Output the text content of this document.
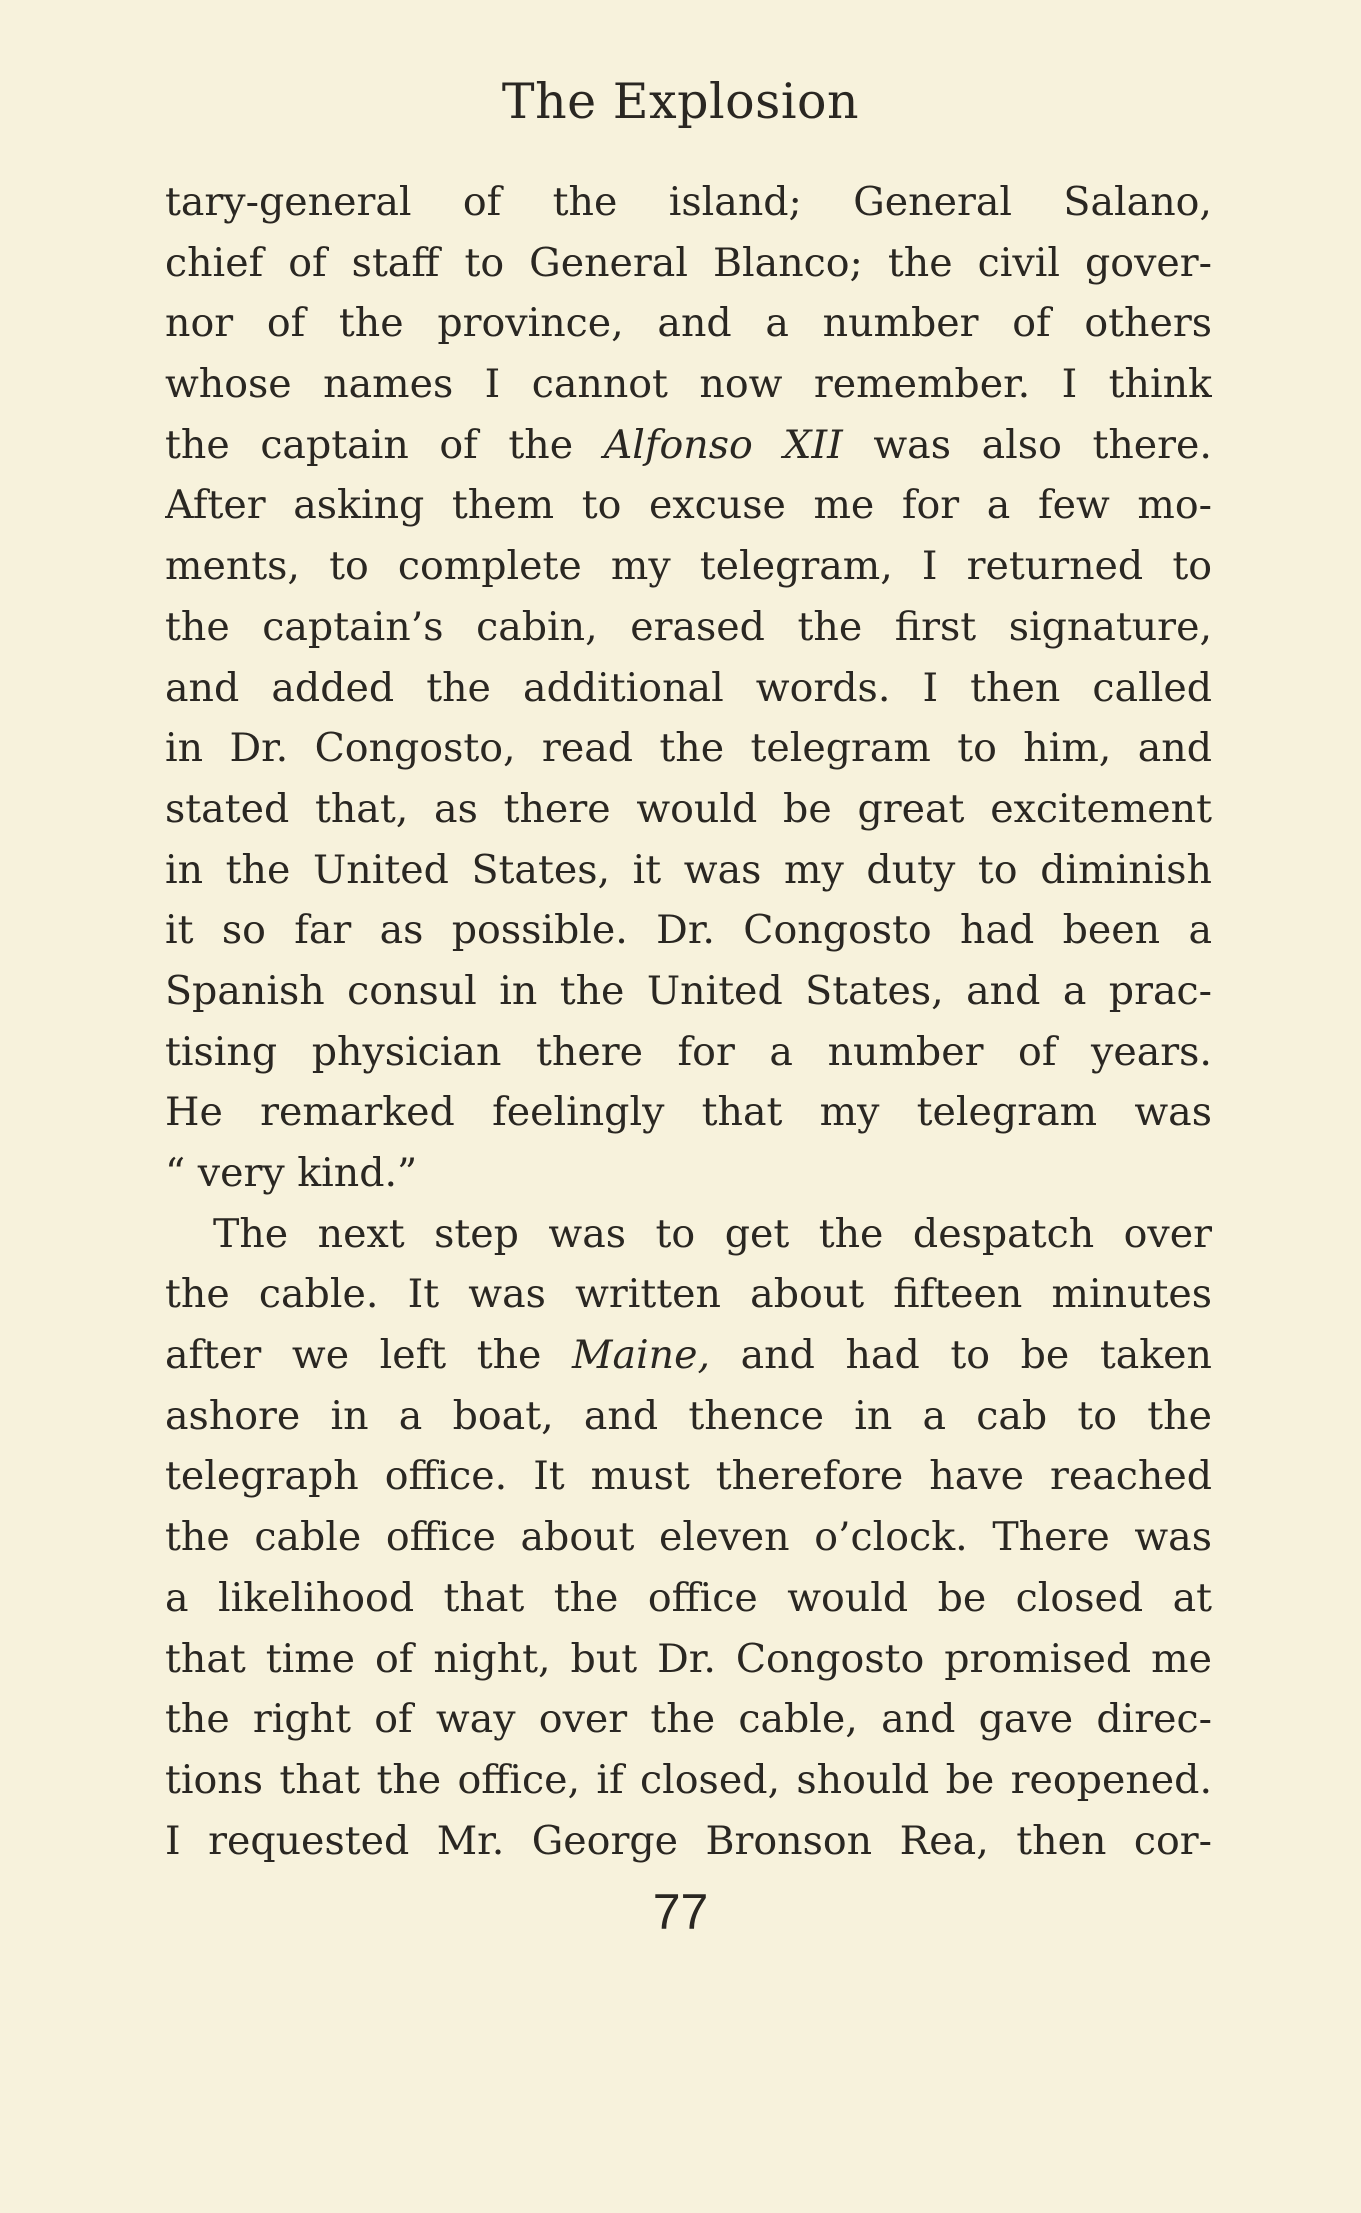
The Explosion
tary-general of the island; General Salano,
chief of staff to General Blanco; the civil gover-
nor of the province, and a number of others
whose names I cannot now remember. I think
the captain of the Alfonso XII was also there.
After asking them to excuse me for a few mo-
ments, to complete my telegram, I returned to
the captain’s cabin, erased the first signature,
and added the additional words. I then called
in Dr. Congosto, read the telegram to him, and
stated that, as there would be great excitement
in the United States, it was my duty to diminish
it so far as possible. Dr. Congosto had been a
Spanish consul in the United States, and a prac-
tising physician there for a number of years.
He remarked feelingly that my telegram was
“ very kind.”
The next step was to get the despatch over
the cable. It was written about fifteen minutes
after we left the Maine, and had to be taken
ashore in a boat, and thence in a cab to the
telegraph office. It must therefore have reached
the cable office about eleven o’clock. There was
a likelihood that the office would be closed at
that time of night, but Dr. Congosto promised me
the right of way over the cable, and gave direc-
tions that the office, if closed, should be reopened.
I requested Mr. George Bronson Rea, then cor-
77
